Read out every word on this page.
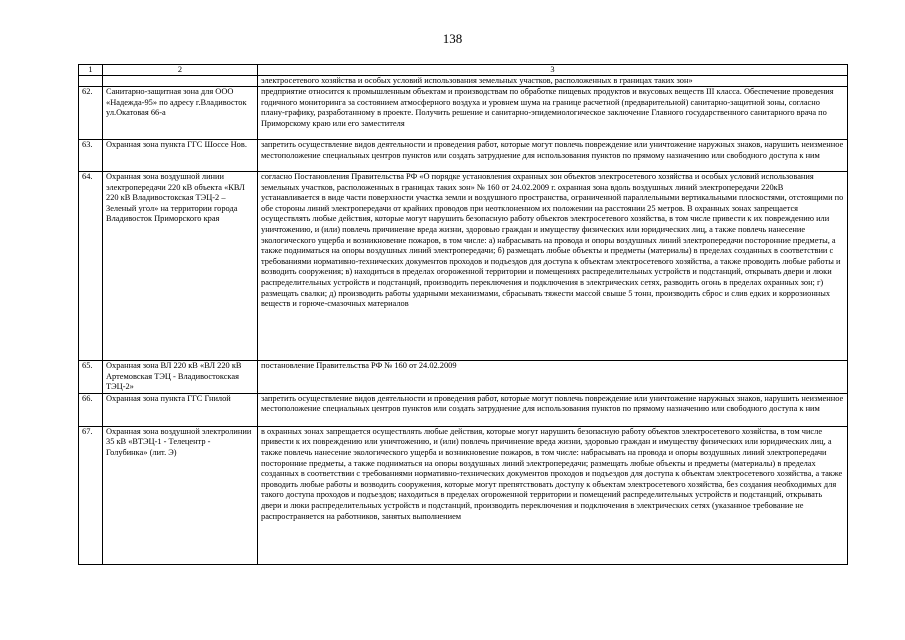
138
1	2	3
		электросетевого хозяйства и особых условий использования земельных участков, расположенных в границах таких зон»
62.	Санитарно-защитная зона для ООО «Надежда-95» по адресу г.Владивосток ул.Окатовая 66-а	предприятие относится к промышленным объектам и производствам по обработке пищевых продуктов и вкусовых веществ III класса. Обеспечение проведения годичного мониторинга за состоянием атмосферного воздуха и уровнем шума на границе расчетной (предварительной) санитарно-защитной зоны, согласно плану-графику, разработанному в проекте. Получить решение и санитарно-эпидемиологическое заключение Главного государственного санитарного врача по Приморскому краю или его заместителя
63.	Охранная зона пункта ГГС Шоссе Нов.	запретить осуществление видов деятельности и проведения работ, которые могут повлечь повреждение или уничтожение наружных знаков, нарушить неизменное местоположение специальных центров пунктов или создать затруднение для использования пунктов по прямому назначению или свободного доступа к ним
64.	Охранная зона воздушной линии электропередачи 220 кВ объекта «КВЛ 220 кВ Владивостокская ТЭЦ-2 – Зеленый угол» на территории города Владивосток Приморского края	согласно Постановления Правительства РФ «О порядке установления охранных зон объектов электросетевого хозяйства и особых условий использования земельных участков, расположенных в границах таких зон» № 160 от 24.02.2009 г. охранная зона вдоль воздушных линий электропередачи 220кВ устанавливается в виде части поверхности участка земли и воздушного пространства, ограниченной параллельными вертикальными плоскостями, отстоящими по обе стороны линий электропередачи от крайних проводов при неотклоненном их положении на расстоянии 25 метров. В охранных зонах запрещается осуществлять любые действия, которые могут нарушить безопасную работу объектов электросетевого хозяйства, в том числе привести к их повреждению или уничтожению, и (или) повлечь причинение вреда жизни, здоровью граждан и имуществу физических или юридических лиц, а также повлечь нанесение экологического ущерба и возникновение пожаров, в том числе: а) набрасывать на провода и опоры воздушных линий электропередачи посторонние предметы, а также подниматься на опоры воздушных линий электропередачи; б) размещать любые объекты и предметы (материалы) в пределах созданных в соответствии с требованиями нормативно-технических документов проходов и подъездов для доступа к объектам электросетевого хозяйства, а также проводить любые работы и возводить сооружения; в) находиться в пределах огороженной территории и помещениях распределительных устройств и подстанций, открывать двери и люки распределительных устройств и подстанций, производить переключения и подключения в электрических сетях, разводить огонь в пределах охранных зон; г) размещать свалки; д) производить работы ударными механизмами, сбрасывать тяжести массой свыше 5 тонн, производить сброс и слив едких и коррозионных веществ и горюче-смазочных материалов
65.	Охранная зона ВЛ 220 кВ «ВЛ 220 кВ Артемовская ТЭЦ - Владивостокская ТЭЦ-2»	постановление Правительства РФ № 160 от 24.02.2009
66.	Охранная зона пункта ГГС Гнилой	запретить осуществление видов деятельности и проведения работ, которые могут повлечь повреждение или уничтожение наружных знаков, нарушить неизменное местоположение специальных центров пунктов или создать затруднение для использования пунктов по прямому назначению или свободного доступа к ним
67.	Охранная зона воздушной электролинии 35 кВ «ВТЭЦ-1 - Телецентр - Голубинка» (лит. Э)	в охранных зонах запрещается осуществлять любые действия, которые могут нарушить безопасную работу объектов электросетевого хозяйства, в том числе привести к их повреждению или уничтожению, и (или) повлечь причинение вреда жизни, здоровью граждан и имуществу физических или юридических лиц, а также повлечь нанесение экологического ущерба и возникновение пожаров, в том числе: набрасывать на провода и опоры воздушных линий электропередачи посторонние предметы, а также подниматься на опоры воздушных линий электропередачи; размещать любые объекты и предметы (материалы) в пределах созданных в соответствии с требованиями нормативно-технических документов проходов и подъездов для доступа к объектам электросетевого хозяйства, а также проводить любые работы и возводить сооружения, которые могут препятствовать доступу к объектам электросетевого хозяйства, без создания необходимых для такого доступа проходов и подъездов; находиться в пределах огороженной территории и помещений распределительных устройств и подстанций, открывать двери и люки распределительных устройств и подстанций, производить переключения и подключения в электрических сетях (указанное требование не распространяется на работников, занятых выполнением
